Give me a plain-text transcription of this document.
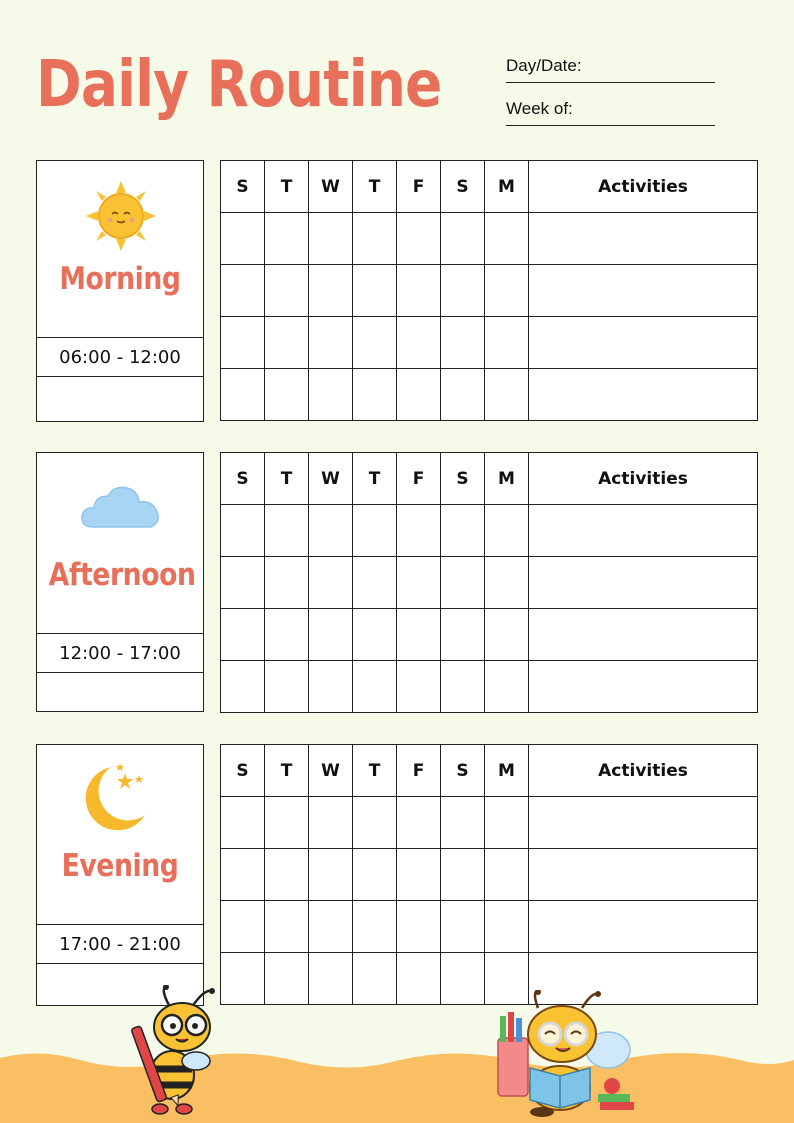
Daily Routine	Day/Date:
Week of:
Morning
06:00 - 12:00
S	T	W	T	F	S	M	Activities

Afternoon
12:00 - 17:00
S	T	W	T	F	S	M	Activities

Evening
17:00 - 21:00
S	T	W	T	F	S	M	Activities
